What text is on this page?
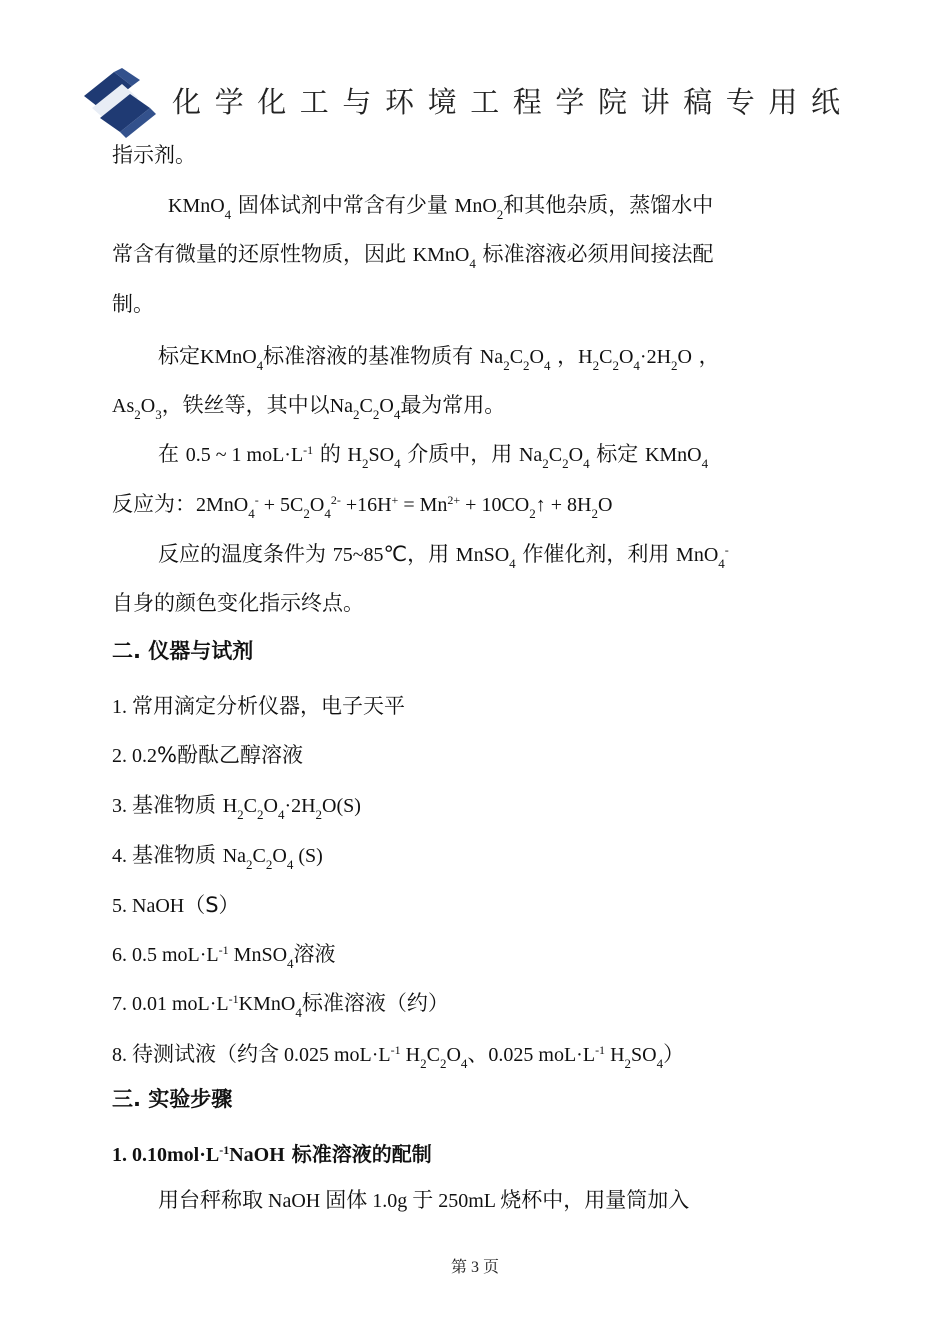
化学化工与环境工程学院讲稿专用纸
指示剂。
KMnO$_4$ 固体试剂中常含有少量 MnO$_2$和其他杂质，蒸馏水中
常含有微量的还原性物质，因此 KMnO$_4$ 标准溶液必须用间接法配
制。
标定KMnO$_4$标准溶液的基准物质有 $Na_2C_2O_4$ ，$H_2C_2O_4\cdot 2H_2O$ ，
$As_2O_3$，铁丝等，其中以$Na_2C_2O_4$最为常用。
在 0.5 ~ 1 $moL\cdot L^{-1}$ 的 $H_2SO_4$ 介质中，用 $Na_2C_2O_4$ 标定 KMnO$_4$
反应为：$2MnO_4^- + 5C_2O_4^{2-} +16H^+ = Mn^{2+}$ + $10CO_2↑ + 8H_2O$
反应的温度条件为 75~85℃，用 MnSO$_4$ 作催化剂，利用 MnO$_4$-
自身的颜色变化指示终点。
二. 仪器与试剂
1. 常用滴定分析仪器，电子天平
2. 0.2%酚酞乙醇溶液
3. 基准物质 $H_2C_2O_4\cdot 2H_2O(S)$
4. 基准物质 $Na_2C_2O_4$ (S)
5. NaOH（S）
6. 0.5 $moL\cdot L^{-1}$ MnSO$_4$溶液
7. 0.01 $moL\cdot L^{-1}KMnO_4$标准溶液（约）
8. 待测试液（约含 0.025 $moL\cdot L^{-1}$ $H_2C_2O_4$、0.025 $moL\cdot L^{-1}$ $H_2SO_4$）
三. 实验步骤
1. $0.10mol\cdot L^{-1}NaOH$ 标准溶液的配制
用台秤称取 NaOH 固体 1.0g 于 250mL 烧杯中，用量筒加入
第 3 页
